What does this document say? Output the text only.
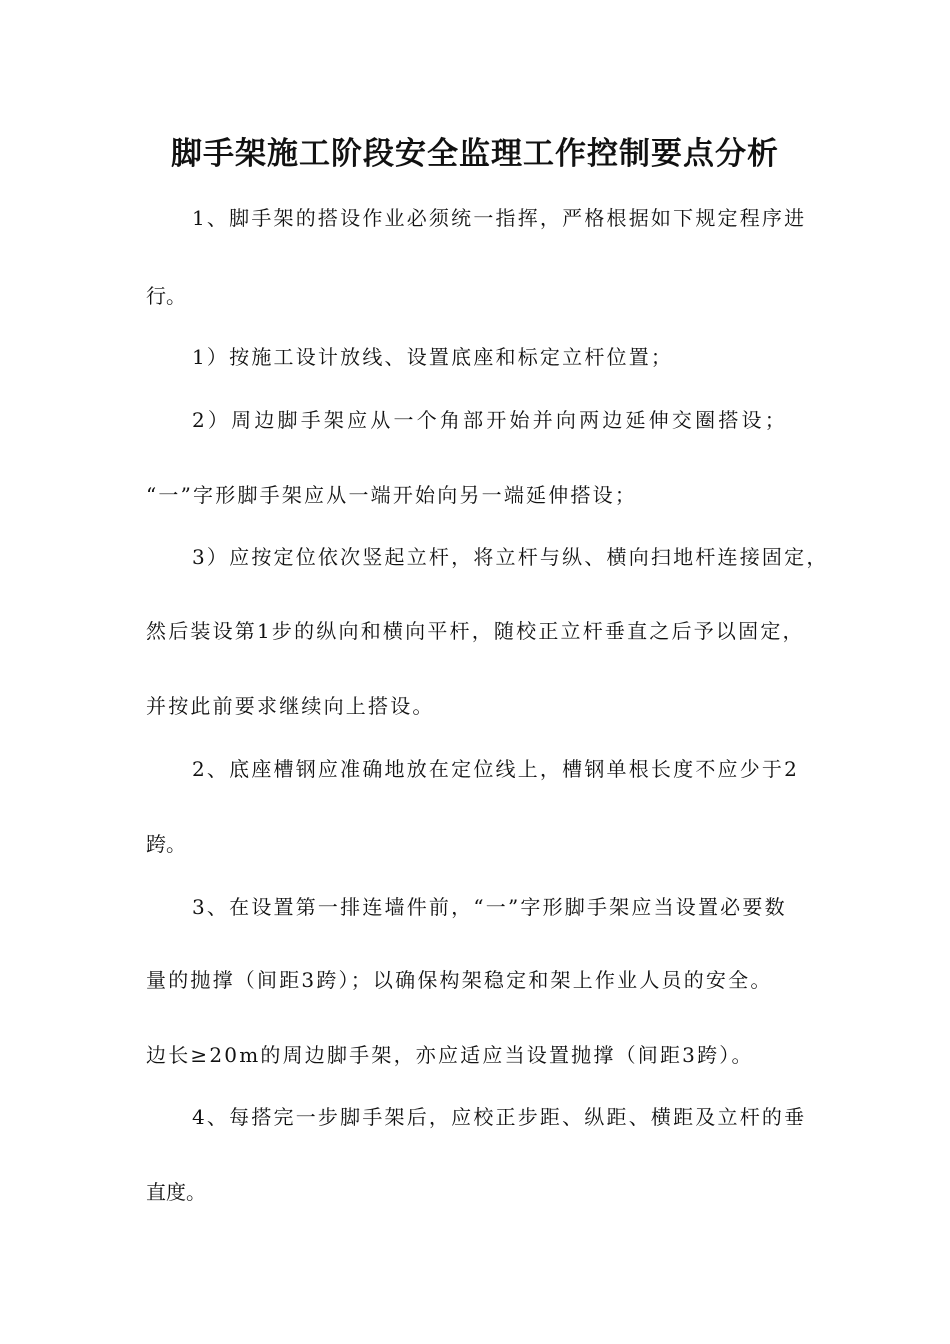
脚手架施工阶段安全监理工作控制要点分析

1、脚手架的搭设作业必须统一指挥，严格根据如下规定程序进

行。

1）按施工设计放线、设置底座和标定立杆位置；

2）周边脚手架应从一个角部开始并向两边延伸交圈搭设；

“一”字形脚手架应从一端开始向另一端延伸搭设；

3）应按定位依次竖起立杆，将立杆与纵、横向扫地杆连接固定，

然后装设第1步的纵向和横向平杆，随校正立杆垂直之后予以固定，

并按此前要求继续向上搭设。

2、底座槽钢应准确地放在定位线上，槽钢单根长度不应少于2

跨。

3、在设置第一排连墙件前，“一”字形脚手架应当设置必要数

量的抛撑（间距3跨）；以确保构架稳定和架上作业人员的安全。

边长≥20m的周边脚手架，亦应适应当设置抛撑（间距3跨）。

4、每搭完一步脚手架后，应校正步距、纵距、横距及立杆的垂

直度。
